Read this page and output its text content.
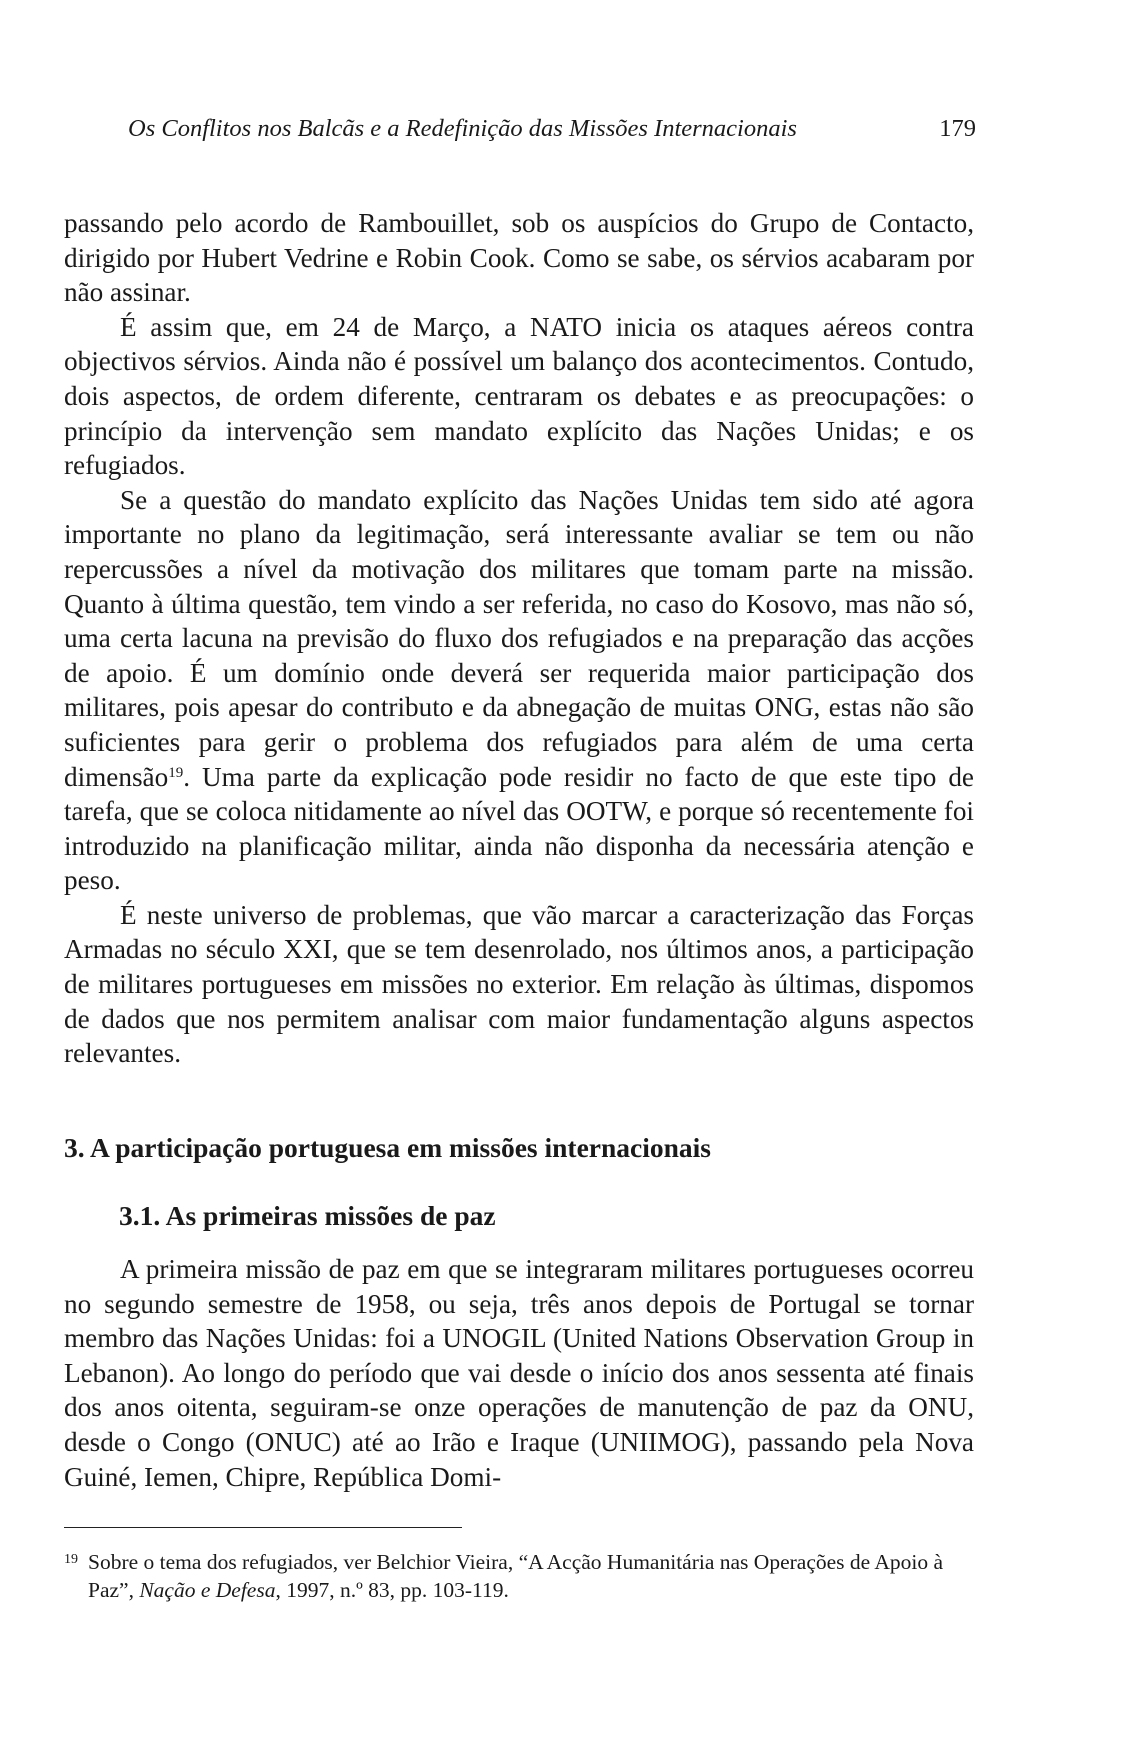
Os Conflitos nos Balcãs e a Redefinição das Missões Internacionais	179

passando pelo acordo de Rambouillet, sob os auspícios do Grupo de Contacto, dirigido por Hubert Vedrine e Robin Cook. Como se sabe, os sérvios acabaram por não assinar.

É assim que, em 24 de Março, a NATO inicia os ataques aéreos contra objectivos sérvios. Ainda não é possível um balanço dos acontecimentos. Contudo, dois aspectos, de ordem diferente, centraram os debates e as preocupações: o princípio da intervenção sem mandato explícito das Nações Unidas; e os refugiados.

Se a questão do mandato explícito das Nações Unidas tem sido até agora importante no plano da legitimação, será interessante avaliar se tem ou não repercussões a nível da motivação dos militares que tomam parte na missão. Quanto à última questão, tem vindo a ser referida, no caso do Kosovo, mas não só, uma certa lacuna na previsão do fluxo dos refugiados e na preparação das acções de apoio. É um domínio onde deverá ser requerida maior participação dos militares, pois apesar do contributo e da abnegação de muitas ONG, estas não são suficientes para gerir o problema dos refugiados para além de uma certa dimensão$^{19}$. Uma parte da explicação pode residir no facto de que este tipo de tarefa, que se coloca nitidamente ao nível das OOTW, e porque só recentemente foi introduzido na planificação militar, ainda não disponha da necessária atenção e peso.

É neste universo de problemas, que vão marcar a caracterização das Forças Armadas no século XXI, que se tem desenrolado, nos últimos anos, a participação de militares portugueses em missões no exterior. Em relação às últimas, dispomos de dados que nos permitem analisar com maior fundamentação alguns aspectos relevantes.

3. A participação portuguesa em missões internacionais
3.1. As primeiras missões de paz

A primeira missão de paz em que se integraram militares portugueses ocorreu no segundo semestre de 1958, ou seja, três anos depois de Portugal se tornar membro das Nações Unidas: foi a UNOGIL (United Nations Observation Group in Lebanon). Ao longo do período que vai desde o início dos anos sessenta até finais dos anos oitenta, seguiram-se onze operações de manutenção de paz da ONU, desde o Congo (ONUC) até ao Irão e Iraque (UNIIMOG), passando pela Nova Guiné, Iemen, Chipre, República Domi-

19 Sobre o tema dos refugiados, ver Belchior Vieira, “A Acção Humanitária nas Operações de Apoio à Paz”, Nação e Defesa, 1997, n.º 83, pp. 103-119.
